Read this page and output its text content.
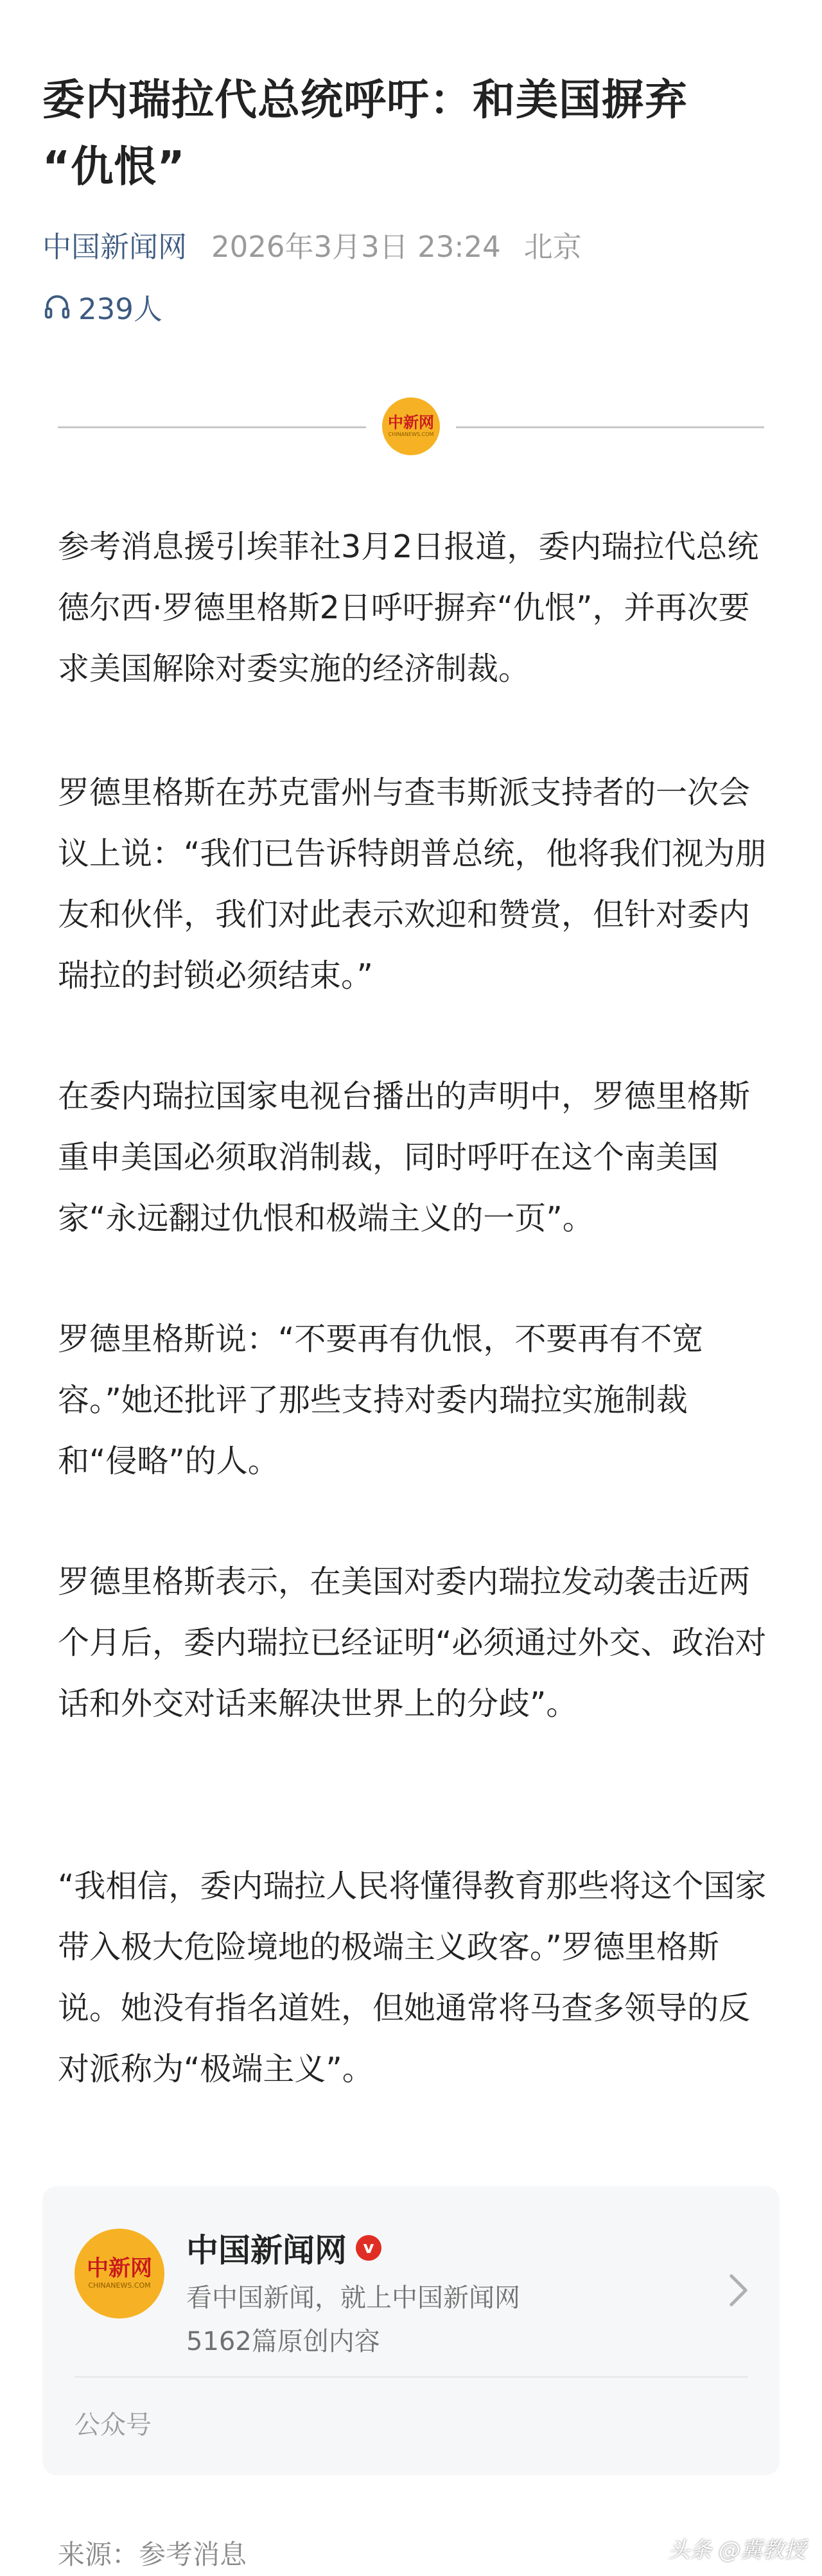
委内瑞拉代总统呼吁：和美国摒弃
“仇恨”
中国新闻网 2026年3月3日 23:24 北京
239人
中新网
CHINANEWS.COM

参考消息援引埃菲社3月2日报道，委内瑞拉代总统德尔西·罗德里格斯2日呼吁摒弃“仇恨”，并再次要求美国解除对委实施的经济制裁。

罗德里格斯在苏克雷州与查韦斯派支持者的一次会议上说：“我们已告诉特朗普总统，他将我们视为朋友和伙伴，我们对此表示欢迎和赞赏，但针对委内瑞拉的封锁必须结束。”

在委内瑞拉国家电视台播出的声明中，罗德里格斯重申美国必须取消制裁，同时呼吁在这个南美国家“永远翻过仇恨和极端主义的一页”。

罗德里格斯说：“不要再有仇恨，不要再有不宽容。”她还批评了那些支持对委内瑞拉实施制裁和“侵略”的人。

罗德里格斯表示，在美国对委内瑞拉发动袭击近两个月后，委内瑞拉已经证明“必须通过外交、政治对话和外交对话来解决世界上的分歧”。

“我相信，委内瑞拉人民将懂得教育那些将这个国家带入极大危险境地的极端主义政客。”罗德里格斯说。她没有指名道姓，但她通常将马查多领导的反对派称为“极端主义”。

中新网
CHINANEWS.COM
中国新闻网 v
看中国新闻，就上中国新闻网
5162篇原创内容
公众号
来源：参考消息	头条 @冀教授
